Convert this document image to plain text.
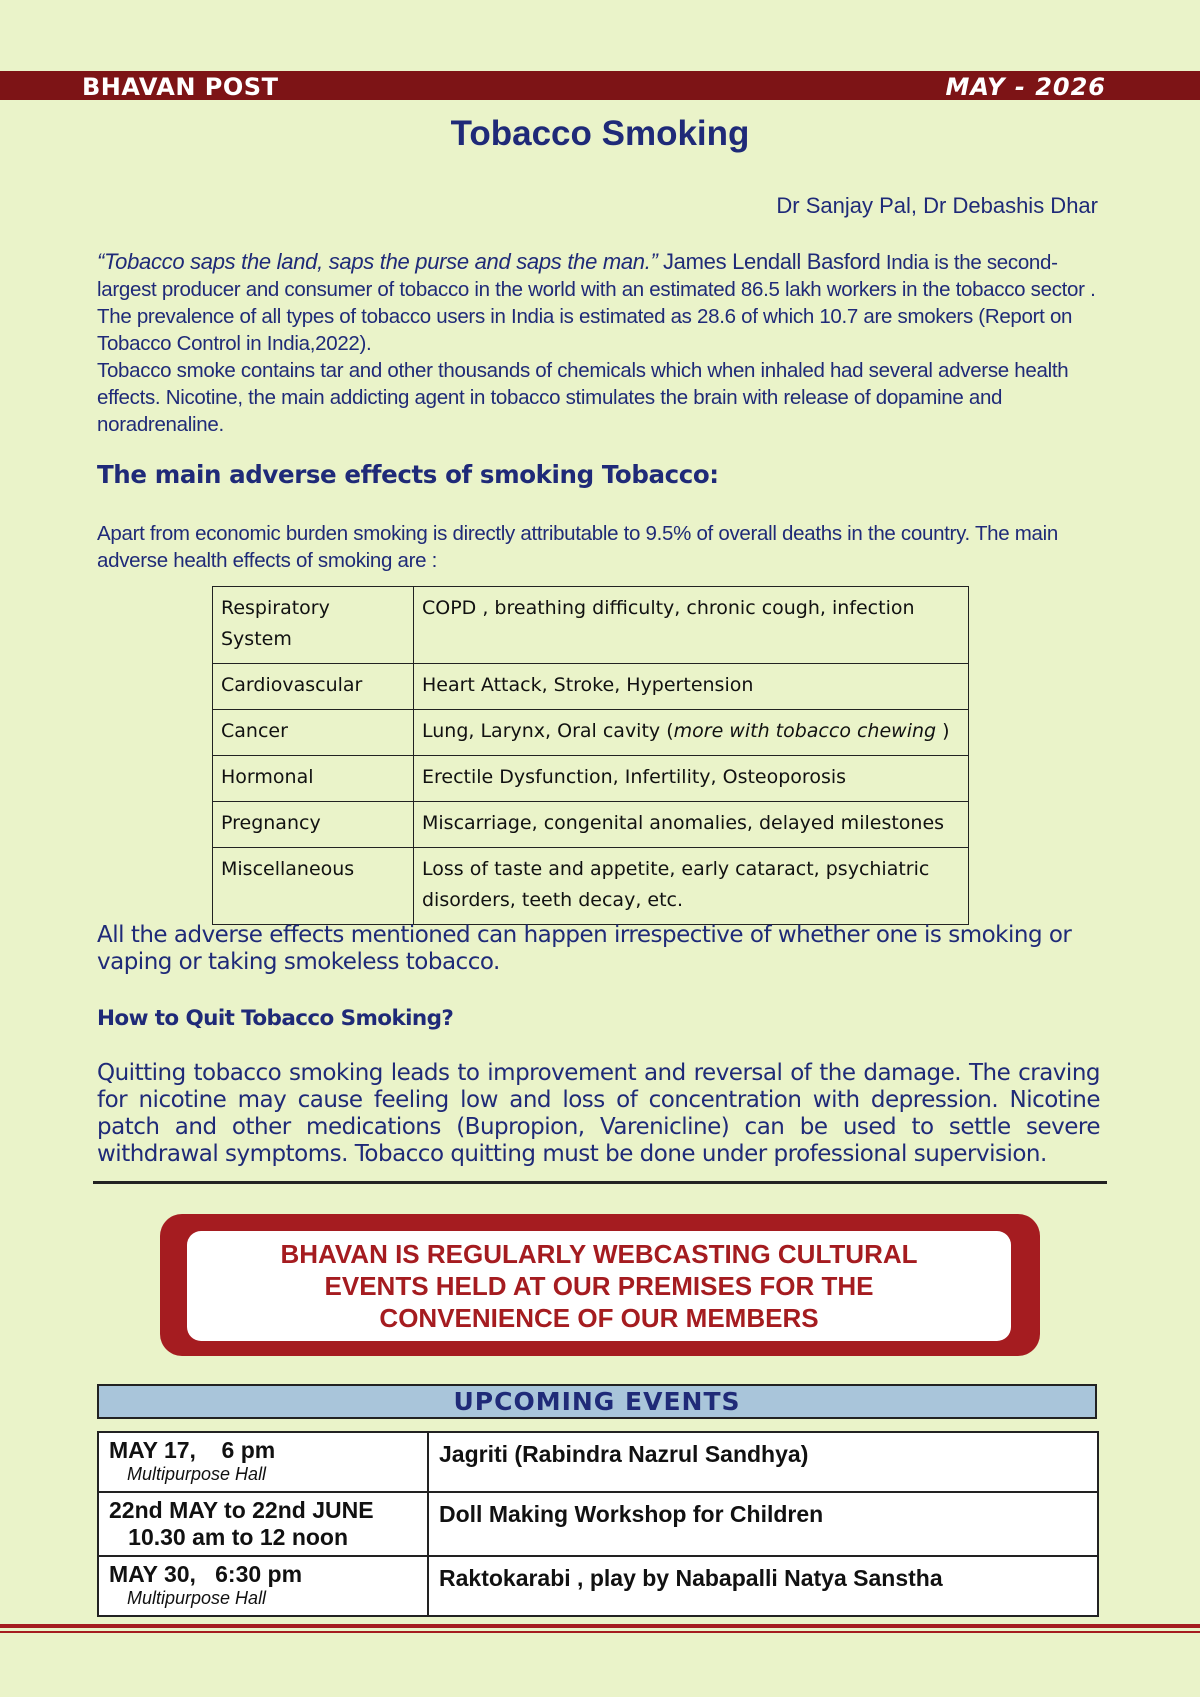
BHAVAN POST	MAY - 2026
Tobacco Smoking
Dr Sanjay Pal, Dr Debashis Dhar

“Tobacco saps the land, saps the purse and saps the man.” James Lendall Basford India is the second-largest producer and consumer of tobacco in the world with an estimated 86.5 lakh workers in the tobacco sector . The prevalence of all types of tobacco users in India is estimated as 28.6 of which 10.7 are smokers (Report on Tobacco Control in India,2022).

Tobacco smoke contains tar and other thousands of chemicals which when inhaled had several adverse health effects. Nicotine, the main addicting agent in tobacco stimulates the brain with release of dopamine and noradrenaline.

The main adverse effects of smoking Tobacco:
Apart from economic burden smoking is directly attributable to 9.5% of overall deaths in the country. The main adverse health effects of smoking are :
Respiratory System	COPD , breathing difficulty, chronic cough, infection
Cardiovascular	Heart Attack, Stroke, Hypertension
Cancer	Lung, Larynx, Oral cavity (more with tobacco chewing )
Hormonal	Erectile Dysfunction, Infertility, Osteoporosis
Pregnancy	Miscarriage, congenital anomalies, delayed milestones
Miscellaneous	Loss of taste and appetite, early cataract, psychiatric disorders, teeth decay, etc.
All the adverse effects mentioned can happen irrespective of whether one is smoking or vaping or taking smokeless tobacco.
How to Quit Tobacco Smoking?
Quitting tobacco smoking leads to improvement and reversal of the damage. The craving for nicotine may cause feeling low and loss of concentration with depression. Nicotine patch and other medications (Bupropion, Varenicline) can be used to settle severe withdrawal symptoms. Tobacco quitting must be done under professional supervision.
BHAVAN IS REGULARLY WEBCASTING CULTURAL
EVENTS HELD AT OUR PREMISES FOR THE
CONVENIENCE OF OUR MEMBERS
UPCOMING EVENTS
MAY 17,    6 pm
Multipurpose Hall	Jagriti (Rabindra Nazrul Sandhya)

22nd MAY to 22nd JUNE
10.30 am to 12 noon	Doll Making Workshop for Children

MAY 30,   6:30 pm
Multipurpose Hall	Raktokarabi , play by Nabapalli Natya Sanstha
